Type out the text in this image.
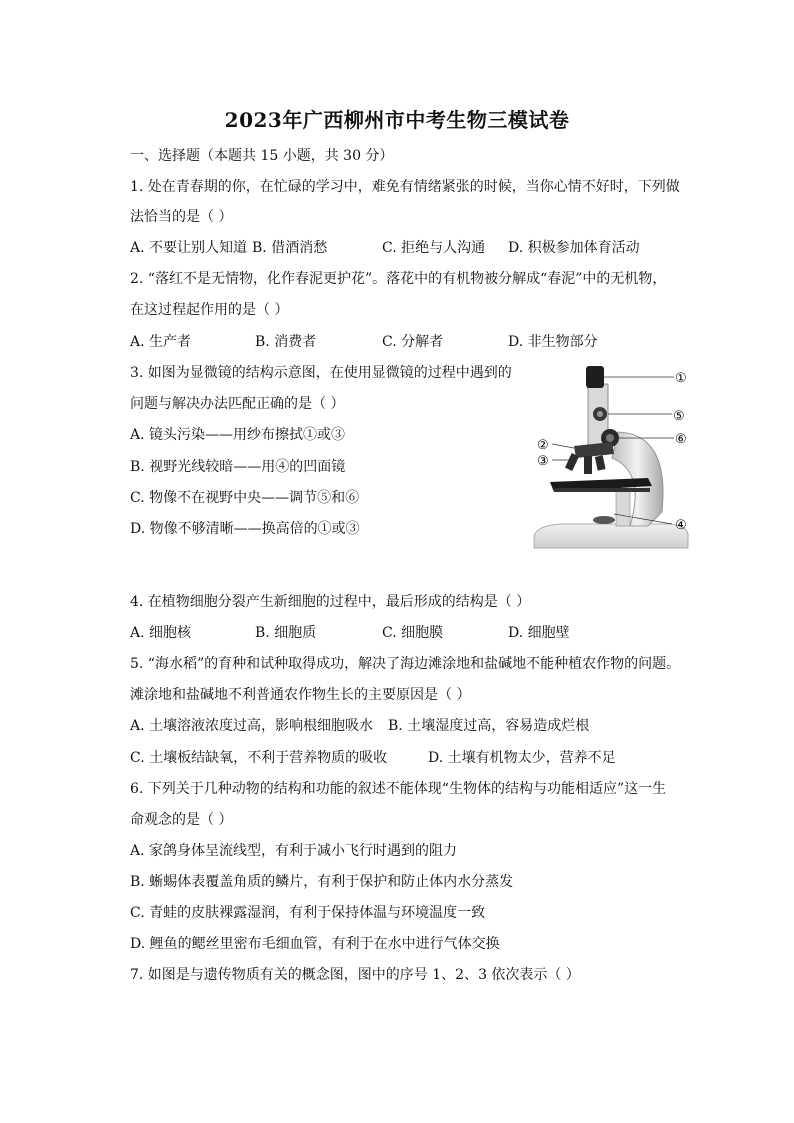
2023年广西柳州市中考生物三模试卷
一、选择题（本题共 15 小题，共 30 分）
1. 处在青春期的你，在忙碌的学习中，难免有情绪紧张的时候，当你心情不好时，下列做
法恰当的是（ ）
A. 不要让别人知道 B. 借酒消愁	C. 拒绝与人沟通 D. 积极参加体育活动
2. “落红不是无情物，化作春泥更护花”。落花中的有机物被分解成“春泥”中的无机物，
在这过程起作用的是（ ）
A. 生产者	B. 消费者	C. 分解者	D. 非生物部分
3. 如图为显微镜的结构示意图，在使用显微镜的过程中遇到的
问题与解决办法匹配正确的是（ ）
A. 镜头污染——用纱布擦拭①或③
B. 视野光线较暗——用④的凹面镜
C. 物像不在视野中央——调节⑤和⑥
D. 物像不够清晰——换高倍的①或③
①
②
③
④
⑤
⑥
4. 在植物细胞分裂产生新细胞的过程中，最后形成的结构是（ ）
A. 细胞核	B. 细胞质	C. 细胞膜	D. 细胞壁
5. “海水稻”的育种和试种取得成功，解决了海边滩涂地和盐碱地不能种植农作物的问题。
滩涂地和盐碱地不利普通农作物生长的主要原因是（ ）
A. 土壤溶液浓度过高，影响根细胞吸水 B. 土壤湿度过高，容易造成烂根
C. 土壤板结缺氧，不利于营养物质的吸收	D. 土壤有机物太少，营养不足
6. 下列关于几种动物的结构和功能的叙述不能体现“生物体的结构与功能相适应”这一生
命观念的是（ ）
A. 家鸽身体呈流线型，有利于减小飞行时遇到的阻力
B. 蜥蜴体表覆盖角质的鳞片，有利于保护和防止体内水分蒸发
C. 青蛙的皮肤裸露湿润，有利于保持体温与环境温度一致
D. 鲤鱼的鳃丝里密布毛细血管，有利于在水中进行气体交换
7. 如图是与遗传物质有关的概念图，图中的序号 1、2、3 依次表示（ ）
